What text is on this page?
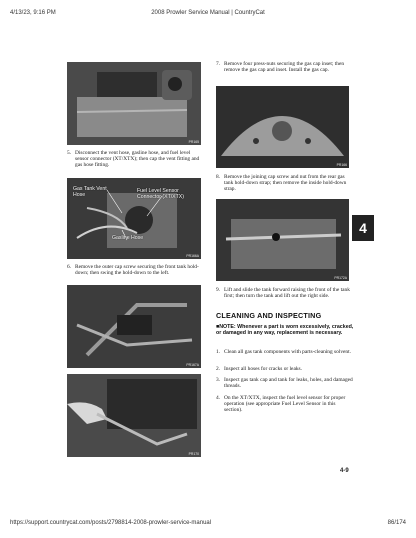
4/13/23, 9:16 PM	2008 Prowler Service Manual | CountryCat
PR165
5. Disconnect the vent hose, gasline hose, and fuel level sensor connector (XT/XTX); then cap the vent fitting and gas hose fitting.
Gas Tank Vent Hose
Fuel Level Sensor Connector (XT/XTX)
Gasline Hose
PR166A
6. Remove the outer cap screw securing the front tank hold-down; then swing the hold-down to the left.
PR167A
PR170
7. Remove four press-nuts securing the gas cap inset; then remove the gas cap and inset. Install the gas cap.
PR166
8. Remove the joining cap screw and nut from the rear gas tank hold-down strap; then remove the inside hold-down strap.
PR172A
4
9. Lift and slide the tank forward raising the front of the tank first; then turn the tank and lift out the right side.
CLEANING AND INSPECTING
■NOTE: Whenever a part is worn excessively, cracked, or damaged in any way, replacement is necessary.
1. Clean all gas tank components with parts-cleaning solvent.
2. Inspect all hoses for cracks or leaks.
3. Inspect gas tank cap and tank for leaks, holes, and damaged threads.
4. On the XT/XTX, inspect the fuel level sensor for proper operation (see appropriate Fuel Level Sensor in this section).
4-9
https://support.countrycat.com/posts/2798814-2008-prowler-service-manual	86/174
